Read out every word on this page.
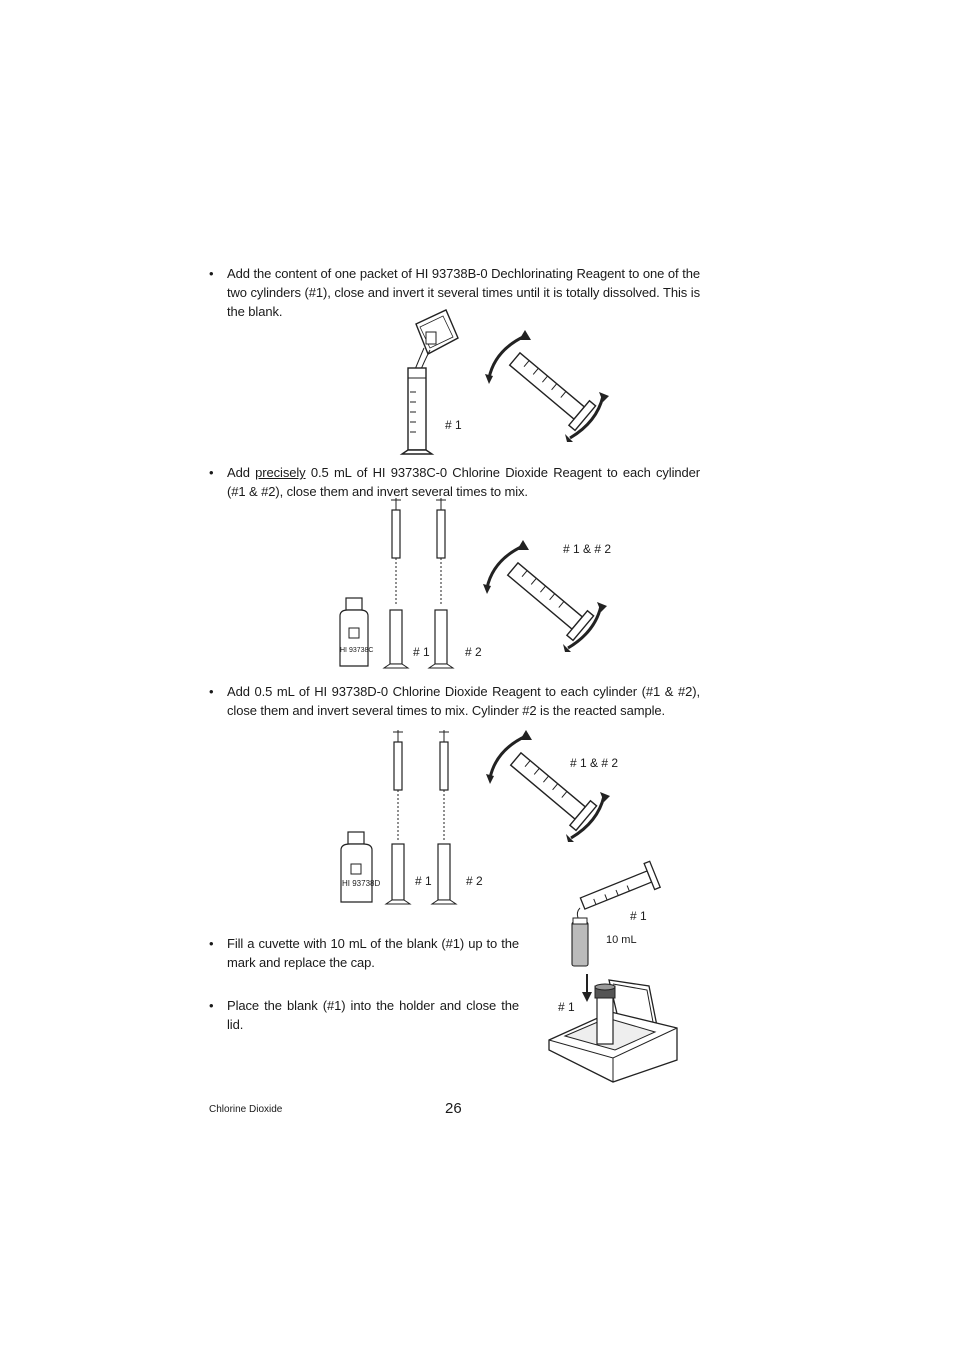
• Add the content of one packet of HI 93738B-0 Dechlorinating Reagent to one of the two cylinders (#1), close and invert it several times until it is totally dissolved. This is the blank.
# 1
• Add precisely 0.5 mL of HI 93738C-0 Chlorine Dioxide Reagent to each cylinder (#1 & #2), close them and invert several times to mix.
HI 93738C	# 1	# 2
# 1 & # 2
• Add 0.5 mL of HI 93738D-0 Chlorine Dioxide Reagent to each cylinder (#1 & #2), close them and invert several times to mix. Cylinder #2 is the reacted sample.
HI 93738D	# 1	# 2
# 1 & # 2
# 1
10 mL
• Fill a cuvette with 10 mL of the blank (#1) up to the mark and replace the cap.
• Place the blank (#1) into the holder and close the lid.
# 1
Chlorine Dioxide	26
